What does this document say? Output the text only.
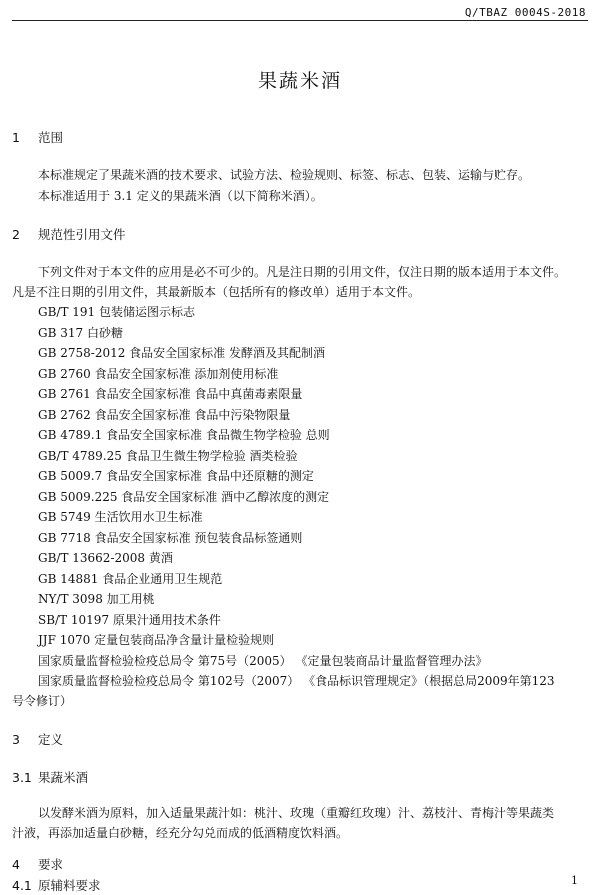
Q/TBAZ 0004S-2018
果蔬米酒
1 范围
本标准规定了果蔬米酒的技术要求、试验方法、检验规则、标签、标志、包装、运输与贮存。
本标准适用于 3.1 定义的果蔬米酒（以下简称米酒）。
2 规范性引用文件
下列文件对于本文件的应用是必不可少的。凡是注日期的引用文件，仅注日期的版本适用于本文件。
凡是不注日期的引用文件，其最新版本（包括所有的修改单）适用于本文件。
GB/T 191 包装储运图示标志
GB 317 白砂糖
GB 2758-2012 食品安全国家标准 发酵酒及其配制酒
GB 2760 食品安全国家标准 添加剂使用标准
GB 2761 食品安全国家标准 食品中真菌毒素限量
GB 2762 食品安全国家标准 食品中污染物限量
GB 4789.1 食品安全国家标准 食品微生物学检验 总则
GB/T 4789.25 食品卫生微生物学检验 酒类检验
GB 5009.7 食品安全国家标准 食品中还原糖的测定
GB 5009.225 食品安全国家标准 酒中乙醇浓度的测定
GB 5749 生活饮用水卫生标准
GB 7718 食品安全国家标准 预包装食品标签通则
GB/T 13662-2008 黄酒
GB 14881 食品企业通用卫生规范
NY/T 3098 加工用桃
SB/T 10197 原果汁通用技术条件
JJF 1070 定量包装商品净含量计量检验规则
国家质量监督检验检疫总局令 第75号（2005） 《定量包装商品计量监督管理办法》
国家质量监督检验检疫总局令 第102号（2007） 《食品标识管理规定》（根据总局2009年第123
号令修订）
3 定义
3.1 果蔬米酒
以发酵米酒为原料，加入适量果蔬汁如：桃汁、玫瑰（重瓣红玫瑰）汁、荔枝汁、青梅汁等果蔬类
汁液，再添加适量白砂糖，经充分勾兑而成的低酒精度饮料酒。
4 要求
4.1 原辅料要求	1
